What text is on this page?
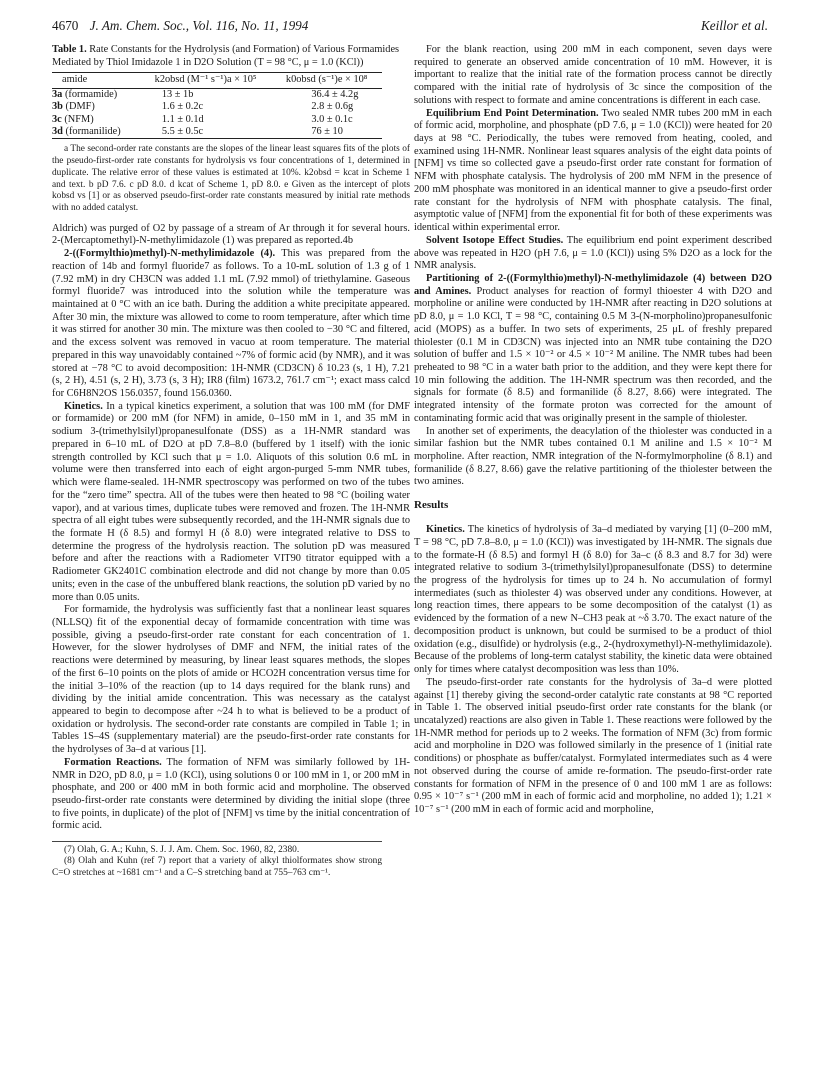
4670 J. Am. Chem. Soc., Vol. 116, No. 11, 1994	Keillor et al.
Table 1. Rate Constants for the Hydrolysis (and Formation) of Various Formamides Mediated by Thiol Imidazole 1 in D2O Solution (T = 98 °C, μ = 1.0 (KCl))
amide	k2obsd (M⁻¹ s⁻¹)a × 10⁵	k0obsd (s⁻¹)e × 10⁸
3a (formamide)	13 ± 1b	36.4 ± 4.2g
3b (DMF)	1.6 ± 0.2c	2.8 ± 0.6g
3c (NFM)	1.1 ± 0.1d	3.0 ± 0.1c
3d (formanilide)	5.5 ± 0.5c	76 ± 10

a The second-order rate constants are the slopes of the linear least squares fits of the plots of the pseudo-first-order rate constants for hydrolysis vs four concentrations of 1, determined in duplicate. The relative error of these values is estimated at 10%. k2obsd = kcat in Scheme 1 and text. b pD 7.6. c pD 8.0. d kcat of Scheme 1, pD 8.0. e Given as the intercept of plots kobsd vs [1] or as observed pseudo-first-order rate constants measured by initial rate methods with no added catalyst.

Aldrich) was purged of O2 by passage of a stream of Ar through it for several hours. 2-(Mercaptomethyl)-N-methylimidazole (1) was prepared as reported.4b

2-((Formylthio)methyl)-N-methylimidazole (4). This was prepared from the reaction of 14b and formyl fluoride7 as follows. To a 10-mL solution of 1.3 g of 1 (7.92 mM) in dry CH3CN was added 1.1 mL (7.92 mmol) of triethylamine. Gaseous formyl fluoride7 was introduced into the solution while the temperature was maintained at 0 °C with an ice bath. During the addition a white precipitate appeared. After 30 min, the mixture was allowed to come to room temperature, after which time it was stirred for another 30 min. The mixture was then cooled to −30 °C and filtered, and the excess solvent was removed in vacuo at room temperature. The material prepared in this way unavoidably contained ~7% of formic acid (by NMR), and it was stored at −78 °C to avoid decomposition: 1H-NMR (CD3CN) δ 10.23 (s, 1 H), 7.21 (s, 2 H), 4.51 (s, 2 H), 3.73 (s, 3 H); IR8 (film) 1673.2, 761.7 cm⁻¹; exact mass calcd for C6H8N2OS 156.0357, found 156.0360.

Kinetics. In a typical kinetics experiment, a solution that was 100 mM (for DMF or formamide) or 200 mM (for NFM) in amide, 0–150 mM in 1, and 35 mM in sodium 3-(trimethylsilyl)propanesulfonate (DSS) as a 1H-NMR standard was prepared in 6–10 mL of D2O at pD 7.8–8.0 (buffered by 1 itself) with the ionic strength controlled by KCl such that μ = 1.0. Aliquots of this solution 0.6 mL in volume were then transferred into each of eight argon-purged 5-mm NMR tubes, which were flame-sealed. 1H-NMR spectroscopy was performed on two of the tubes for the “zero time” spectra. All of the tubes were then heated to 98 °C (boiling water vapor), and at various times, duplicate tubes were removed and frozen. The 1H-NMR spectra of all eight tubes were subsequently recorded, and the 1H-NMR signals due to the formate H (δ 8.5) and formyl H (δ 8.0) were integrated relative to DSS to determine the progress of the hydrolysis reaction. The solution pD was measured before and after the reactions with a Radiometer VIT90 titrator equipped with a Radiometer GK2401C combination electrode and did not change by more than 0.05 units; even in the case of the unbuffered blank reactions, the solution pD varied by no more than 0.05 units.

For formamide, the hydrolysis was sufficiently fast that a nonlinear least squares (NLLSQ) fit of the exponential decay of formamide concentration with time was possible, giving a pseudo-first-order rate constant for each concentration of 1. However, for the slower hydrolyses of DMF and NFM, the initial rates of the reactions were determined by measuring, by linear least squares methods, the slopes of the first 6–10 points on the plots of amide or HCO2H concentration versus time for the initial 3–10% of the reaction (up to 14 days required for the blank runs) and dividing by the initial amide concentration. This was necessary as the catalyst appeared to begin to decompose after ~24 h to what is believed to be a product of oxidation or hydrolysis. The second-order rate constants are compiled in Table 1; in Tables 1S–4S (supplementary material) are the pseudo-first-order rate constants for the hydrolyses of 3a–d at various [1].

Formation Reactions. The formation of NFM was similarly followed by 1H-NMR in D2O, pD 8.0, μ = 1.0 (KCl), using solutions 0 or 100 mM in 1, or 200 mM in phosphate, and 200 or 400 mM in both formic acid and morpholine. The observed pseudo-first-order rate constants were determined by dividing the initial slope (three to five points, in duplicate) of the plot of [NFM] vs time by the initial concentration of formic acid.

(7) Olah, G. A.; Kuhn, S. J. J. Am. Chem. Soc. 1960, 82, 2380.

(8) Olah and Kuhn (ref 7) report that a variety of alkyl thiolformates show strong C=O stretches at ~1681 cm⁻¹ and a C–S stretching band at 755–763 cm⁻¹.

For the blank reaction, using 200 mM in each component, seven days were required to generate an observed amide concentration of 10 mM. However, it is important to realize that the initial rate of the formation process cannot be directly compared with the initial rate of hydrolysis of 3c since the composition of the solutions with respect to formate and amine concentrations is different in each case.

Equilibrium End Point Determination. Two sealed NMR tubes 200 mM in each of formic acid, morpholine, and phosphate (pD 7.6, μ = 1.0 (KCl)) were heated for 20 days at 98 °C. Periodically, the tubes were removed from heating, cooled, and examined using 1H-NMR. Nonlinear least squares analysis of the eight data points of [NFM] vs time so collected gave a pseudo-first order rate constant for formation of NFM with phosphate catalysis. The hydrolysis of 200 mM NFM in the presence of 200 mM phosphate was monitored in an identical manner to give a pseudo-first order rate constant for the hydrolysis of NFM with phosphate catalysis. The final, asymptotic value of [NFM] from the exponential fit for both of these experiments was identical within experimental error.

Solvent Isotope Effect Studies. The equilibrium end point experiment described above was repeated in H2O (pH 7.6, μ = 1.0 (KCl)) using 5% D2O as a lock for the NMR analysis.

Partitioning of 2-((Formylthio)methyl)-N-methylimidazole (4) between D2O and Amines. Product analyses for reaction of formyl thioester 4 with D2O and morpholine or aniline were conducted by 1H-NMR after reacting in D2O solutions at pD 8.0, μ = 1.0 KCl, T = 98 °C, containing 0.5 M 3-(N-morpholino)propanesulfonic acid (MOPS) as a buffer. In two sets of experiments, 25 μL of freshly prepared thiolester (0.1 M in CD3CN) was injected into an NMR tube containing the D2O solution of buffer and 1.5 × 10⁻² or 4.5 × 10⁻² M aniline. The NMR tubes had been preheated to 98 °C in a water bath prior to the addition, and they were kept there for 10 min following the addition. The 1H-NMR spectrum was then recorded, and the signals for formate (δ 8.5) and formanilide (δ 8.27, 8.66) were integrated. The integrated intensity of the formate proton was corrected for the amount of contaminating formic acid that was originally present in the sample of thiolester.

In another set of experiments, the deacylation of the thiolester was conducted in a similar fashion but the NMR tubes contained 0.1 M aniline and 1.5 × 10⁻² M morpholine. After reaction, NMR integration of the N-formylmorpholine (δ 8.1) and formanilide (δ 8.27, 8.66) gave the relative partitioning of the thiolester between the two amines.

Results

Kinetics. The kinetics of hydrolysis of 3a–d mediated by varying [1] (0–200 mM, T = 98 °C, pD 7.8–8.0, μ = 1.0 (KCl)) was investigated by 1H-NMR. The signals due to the formate-H (δ 8.5) and formyl H (δ 8.0) for 3a–c (δ 8.3 and 8.7 for 3d) were integrated relative to sodium 3-(trimethylsilyl)propanesulfonate (DSS) to determine the progress of the hydrolysis for times up to 24 h. No accumulation of formyl intermediates (such as thiolester 4) was observed under any conditions. However, at long reaction times, there appears to be some decomposition of the catalyst (1) as evidenced by the formation of a new N–CH3 peak at ~δ 3.70. The exact nature of the decomposition product is unknown, but could be surmised to be a product of thiol oxidation (e.g., disulfide) or hydrolysis (e.g., 2-(hydroxymethyl)-N-methylimidazole). Because of the problems of long-term catalyst stability, the kinetic data were obtained only for times where catalyst decomposition was less than 10%.

The pseudo-first-order rate constants for the hydrolysis of 3a–d were plotted against [1] thereby giving the second-order catalytic rate constants at 98 °C reported in Table 1. The observed initial pseudo-first order rate constants for the blank (or uncatalyzed) reactions are also given in Table 1. These reactions were followed by the 1H-NMR method for periods up to 2 weeks. The formation of NFM (3c) from formic acid and morpholine in D2O was followed similarly in the presence of 1 (initial rate conditions) or phosphate as buffer/catalyst. Formylated intermediates such as 4 were not observed during the course of amide re-formation. The pseudo-first-order rate constants for formation of NFM in the presence of 0 and 100 mM 1 are as follows: 0.95 × 10⁻⁷ s⁻¹ (200 mM in each of formic acid and morpholine, no added 1); 1.21 × 10⁻⁷ s⁻¹ (200 mM in each of formic acid and morpholine,
